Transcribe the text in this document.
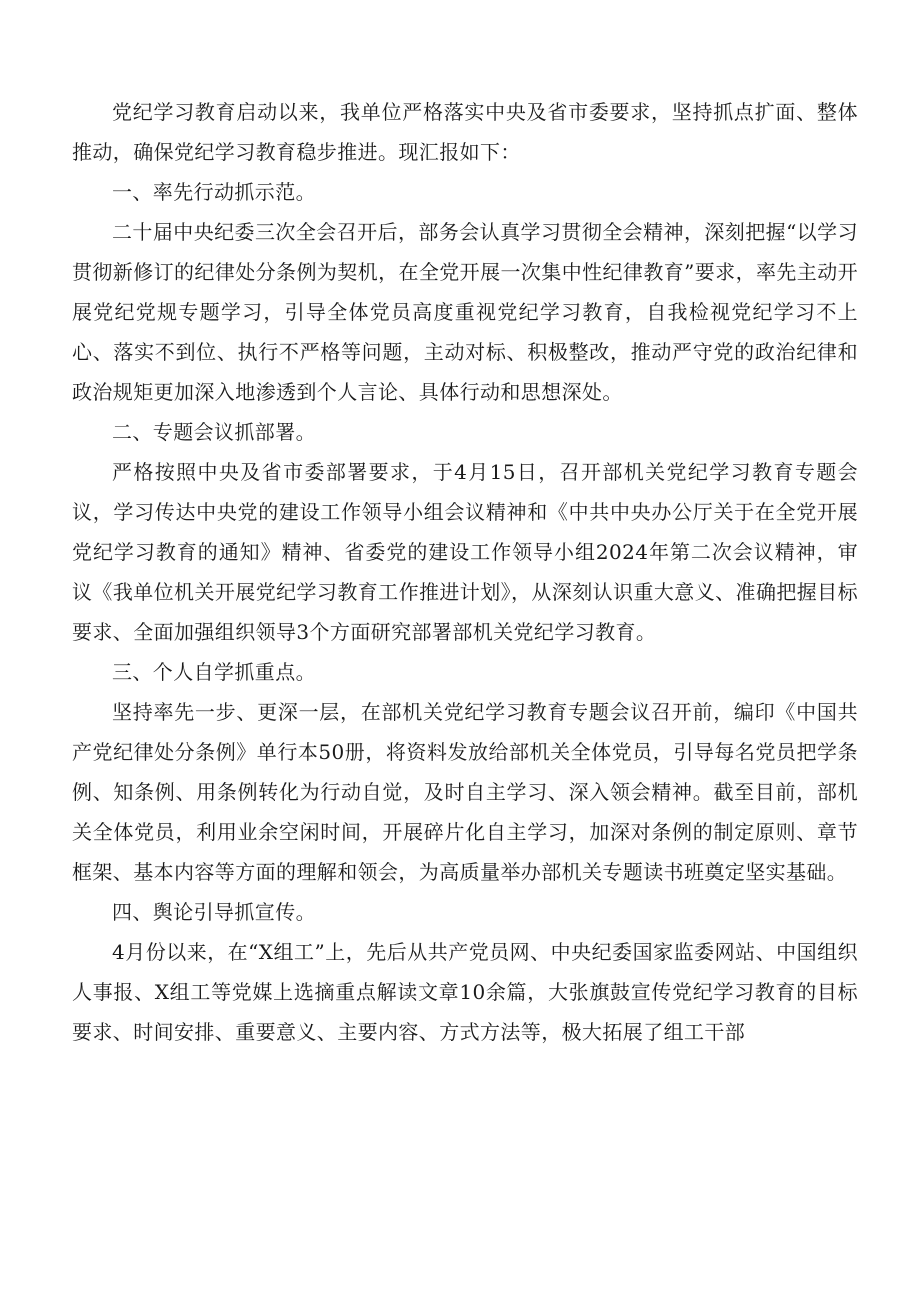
党纪学习教育启动以来，我单位严格落实中央及省市委要求，坚持抓点扩面、整体推动，确保党纪学习教育稳步推进。现汇报如下：

一、率先行动抓示范。

二十届中央纪委三次全会召开后，部务会认真学习贯彻全会精神，深刻把握“以学习贯彻新修订的纪律处分条例为契机，在全党开展一次集中性纪律教育”要求，率先主动开展党纪党规专题学习，引导全体党员高度重视党纪学习教育，自我检视党纪学习不上心、落实不到位、执行不严格等问题，主动对标、积极整改，推动严守党的政治纪律和政治规矩更加深入地渗透到个人言论、具体行动和思想深处。

二、专题会议抓部署。

严格按照中央及省市委部署要求，于4月15日，召开部机关党纪学习教育专题会议，学习传达中央党的建设工作领导小组会议精神和《中共中央办公厅关于在全党开展党纪学习教育的通知》精神、省委党的建设工作领导小组2024年第二次会议精神，审议《我单位机关开展党纪学习教育工作推进计划》，从深刻认识重大意义、准确把握目标要求、全面加强组织领导3个方面研究部署部机关党纪学习教育。

三、个人自学抓重点。

坚持率先一步、更深一层，在部机关党纪学习教育专题会议召开前，编印《中国共产党纪律处分条例》单行本50册，将资料发放给部机关全体党员，引导每名党员把学条例、知条例、用条例转化为行动自觉，及时自主学习、深入领会精神。截至目前，部机关全体党员，利用业余空闲时间，开展碎片化自主学习，加深对条例的制定原则、章节框架、基本内容等方面的理解和领会，为高质量举办部机关专题读书班奠定坚实基础。

四、舆论引导抓宣传。

4月份以来，在“X组工”上，先后从共产党员网、中央纪委国家监委网站、中国组织人事报、X组工等党媒上选摘重点解读文章10余篇，大张旗鼓宣传党纪学习教育的目标要求、时间安排、重要意义、主要内容、方式方法等，极大拓展了组工干部
